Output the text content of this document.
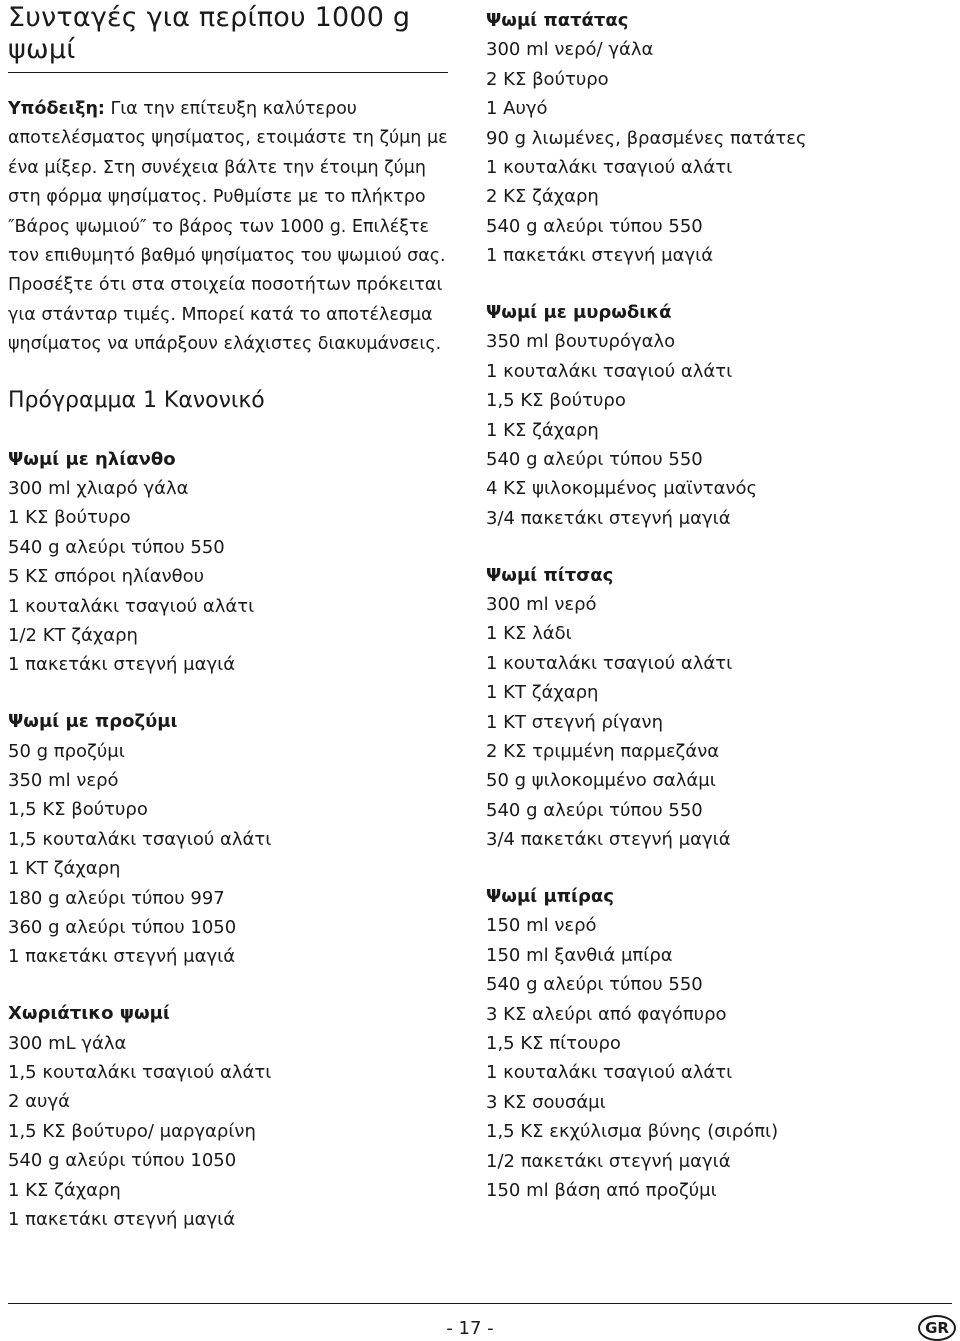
Συνταγές για περίπου 1000 g ψωμί
Υπόδειξη: Για την επίτευξη καλύτερου αποτελέσματος ψησίματος, ετοιμάστε τη ζύμη με ένα μίξερ. Στη συνέχεια βάλτε την έτοιμη ζύμη στη φόρμα ψησίματος. Ρυθμίστε με το πλήκτρο ″Βάρος ψωμιού″ το βάρος των 1000 g. Επιλέξτε τον επιθυμητό βαθμό ψησίματος του ψωμιού σας. Προσέξτε ότι στα στοιχεία ποσοτήτων πρόκειται για στάνταρ τιμές. Μπορεί κατά το αποτέλεσμα ψησίματος να υπάρξουν ελάχιστες διακυμάνσεις.
Πρόγραμμα 1 Κανονικό
Ψωμί με ηλίανθο
300 ml χλιαρό γάλα
1 ΚΣ βούτυρο
540 g αλεύρι τύπου 550
5 ΚΣ σπόροι ηλίανθου
1 κουταλάκι τσαγιού αλάτι
1/2 ΚΤ ζάχαρη
1 πακετάκι στεγνή μαγιά
Ψωμί με προζύμι
50 g προζύμι
350 ml νερό
1,5 ΚΣ βούτυρο
1,5 κουταλάκι τσαγιού αλάτι
1 ΚΤ ζάχαρη
180 g αλεύρι τύπου 997
360 g αλεύρι τύπου 1050
1 πακετάκι στεγνή μαγιά
Χωριάτικο ψωμί
300 mL γάλα
1,5 κουταλάκι τσαγιού αλάτι
2 αυγά
1,5 ΚΣ βούτυρο/ μαργαρίνη
540 g αλεύρι τύπου 1050
1 ΚΣ ζάχαρη
1 πακετάκι στεγνή μαγιά
Ψωμί πατάτας
300 ml νερό/ γάλα
2 ΚΣ βούτυρο
1 Αυγό
90 g λιωμένες, βρασμένες πατάτες
1 κουταλάκι τσαγιού αλάτι
2 ΚΣ ζάχαρη
540 g αλεύρι τύπου 550
1 πακετάκι στεγνή μαγιά
Ψωμί με μυρωδικά
350 ml βουτυρόγαλο
1 κουταλάκι τσαγιού αλάτι
1,5 ΚΣ βούτυρο
1 ΚΣ ζάχαρη
540 g αλεύρι τύπου 550
4 ΚΣ ψιλοκομμένος μαϊντανός
3/4 πακετάκι στεγνή μαγιά
Ψωμί πίτσας
300 ml νερό
1 ΚΣ λάδι
1 κουταλάκι τσαγιού αλάτι
1 ΚΤ ζάχαρη
1 ΚΤ στεγνή ρίγανη
2 ΚΣ τριμμένη παρμεζάνα
50 g ψιλοκομμένο σαλάμι
540 g αλεύρι τύπου 550
3/4 πακετάκι στεγνή μαγιά
Ψωμί μπίρας
150 ml νερό
150 ml ξανθιά μπίρα
540 g αλεύρι τύπου 550
3 ΚΣ αλεύρι από φαγόπυρο
1,5 ΚΣ πίτουρο
1 κουταλάκι τσαγιού αλάτι
3 ΚΣ σουσάμι
1,5 ΚΣ εκχύλισμα βύνης (σιρόπι)
1/2 πακετάκι στεγνή μαγιά
150 ml βάση από προζύμι
- 17 -	GR
